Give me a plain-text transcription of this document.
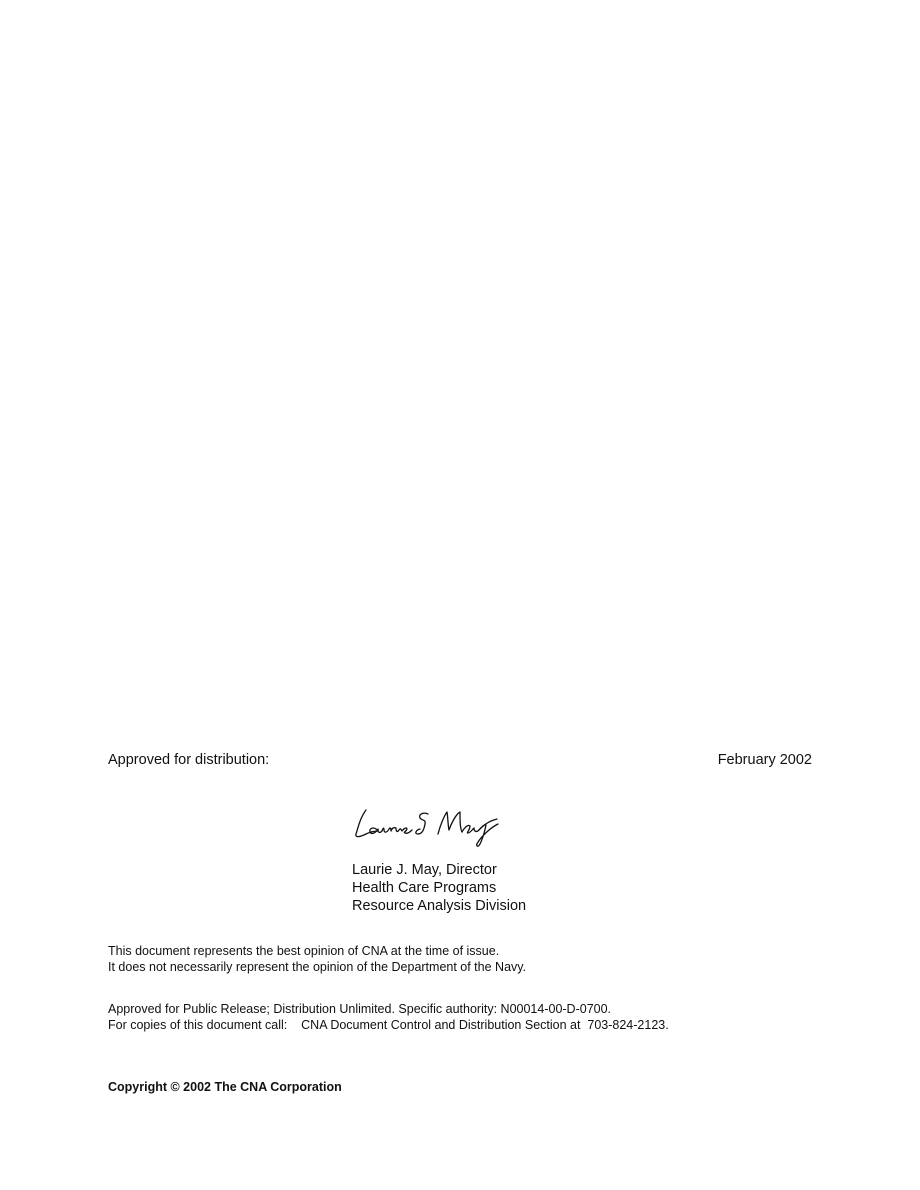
Approved for distribution:	February 2002
Laurie J. May, Director
Health Care Programs
Resource Analysis Division
This document represents the best opinion of CNA at the time of issue.
It does not necessarily represent the opinion of the Department of the Navy.
Approved for Public Release; Distribution Unlimited. Specific authority: N00014-00-D-0700.
For copies of this document call:    CNA Document Control and Distribution Section at  703-824-2123.
Copyright © 2002 The CNA Corporation
